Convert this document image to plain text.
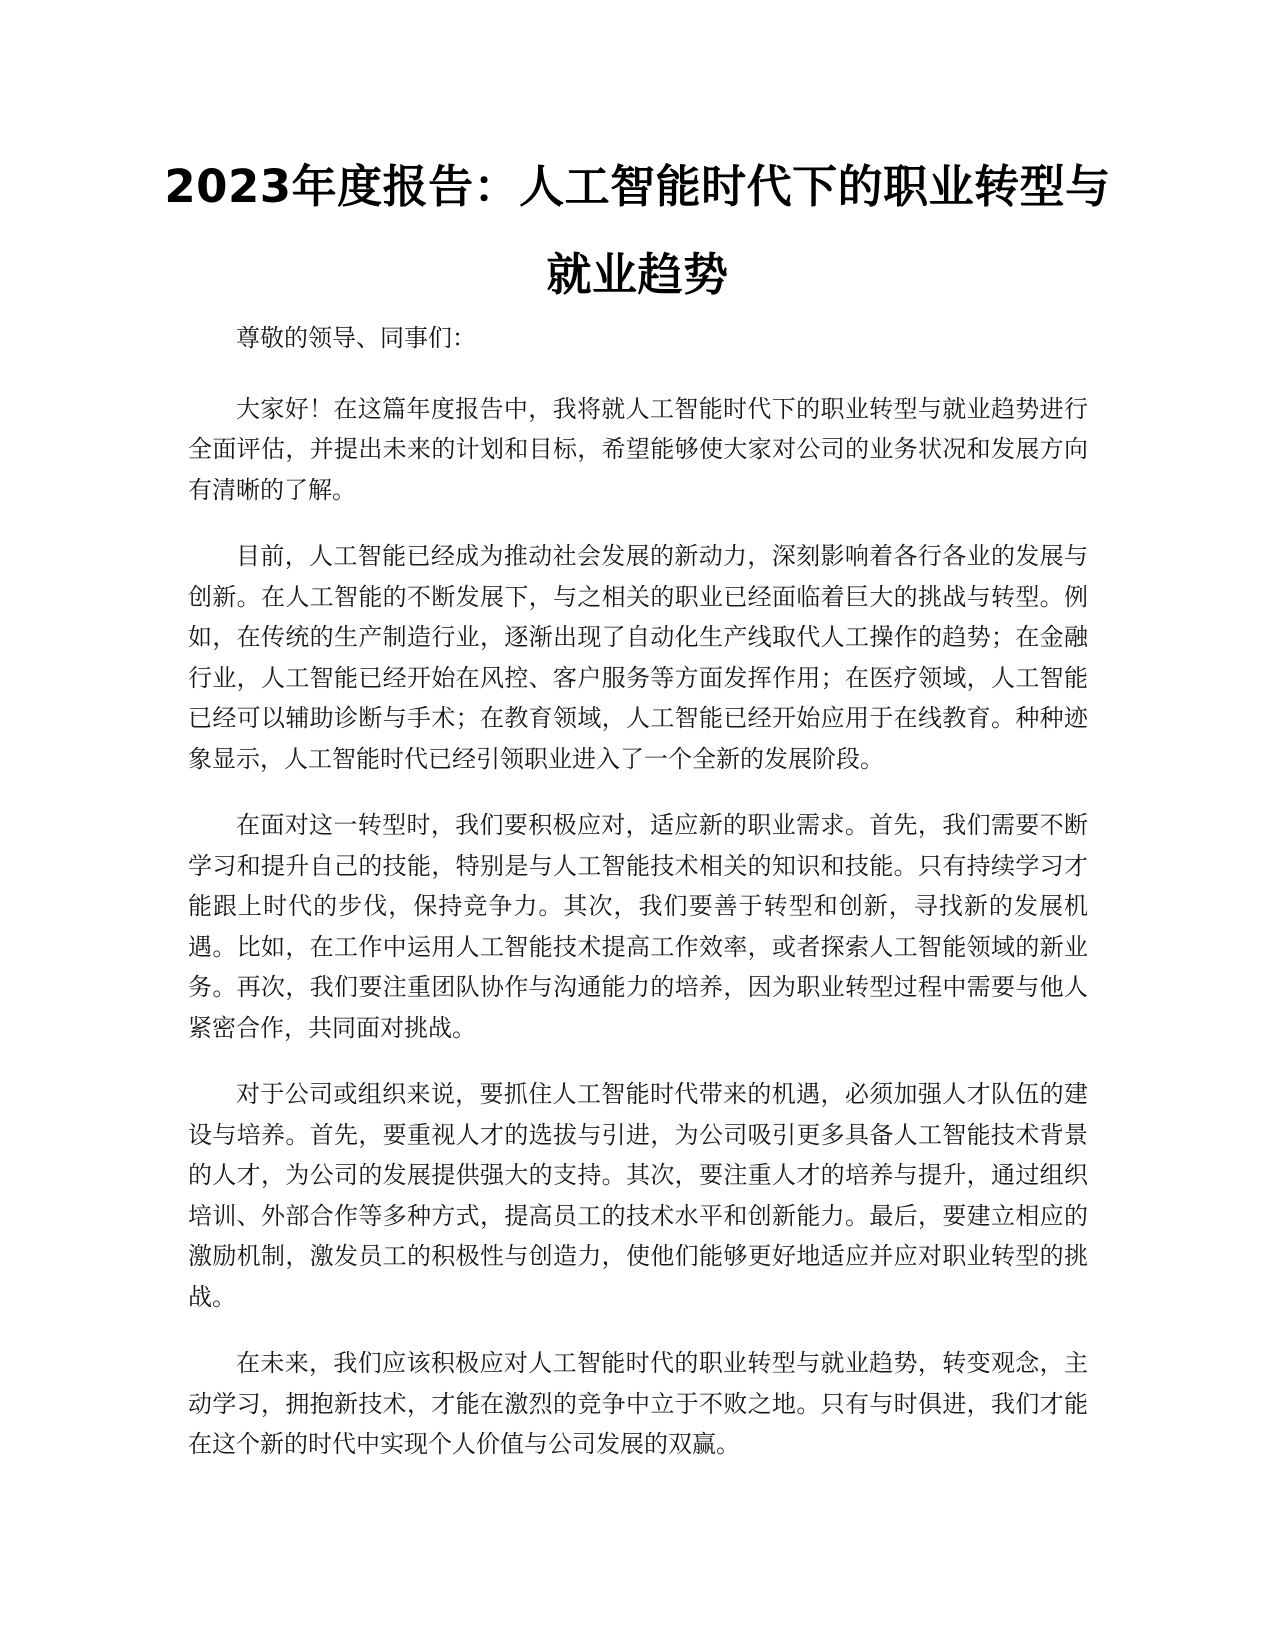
2023年度报告：人工智能时代下的职业转型与就业趋势

尊敬的领导、同事们：

大家好！在这篇年度报告中，我将就人工智能时代下的职业转型与就业趋势进行全面评估，并提出未来的计划和目标，希望能够使大家对公司的业务状况和发展方向有清晰的了解。

目前，人工智能已经成为推动社会发展的新动力，深刻影响着各行各业的发展与创新。在人工智能的不断发展下，与之相关的职业已经面临着巨大的挑战与转型。例如，在传统的生产制造行业，逐渐出现了自动化生产线取代人工操作的趋势；在金融行业，人工智能已经开始在风控、客户服务等方面发挥作用；在医疗领域，人工智能已经可以辅助诊断与手术；在教育领域，人工智能已经开始应用于在线教育。种种迹象显示，人工智能时代已经引领职业进入了一个全新的发展阶段。

在面对这一转型时，我们要积极应对，适应新的职业需求。首先，我们需要不断学习和提升自己的技能，特别是与人工智能技术相关的知识和技能。只有持续学习才能跟上时代的步伐，保持竞争力。其次，我们要善于转型和创新，寻找新的发展机遇。比如，在工作中运用人工智能技术提高工作效率，或者探索人工智能领域的新业务。再次，我们要注重团队协作与沟通能力的培养，因为职业转型过程中需要与他人紧密合作，共同面对挑战。

对于公司或组织来说，要抓住人工智能时代带来的机遇，必须加强人才队伍的建设与培养。首先，要重视人才的选拔与引进，为公司吸引更多具备人工智能技术背景的人才，为公司的发展提供强大的支持。其次，要注重人才的培养与提升，通过组织培训、外部合作等多种方式，提高员工的技术水平和创新能力。最后，要建立相应的激励机制，激发员工的积极性与创造力，使他们能够更好地适应并应对职业转型的挑战。

在未来，我们应该积极应对人工智能时代的职业转型与就业趋势，转变观念，主动学习，拥抱新技术，才能在激烈的竞争中立于不败之地。只有与时俱进，我们才能在这个新的时代中实现个人价值与公司发展的双赢。
